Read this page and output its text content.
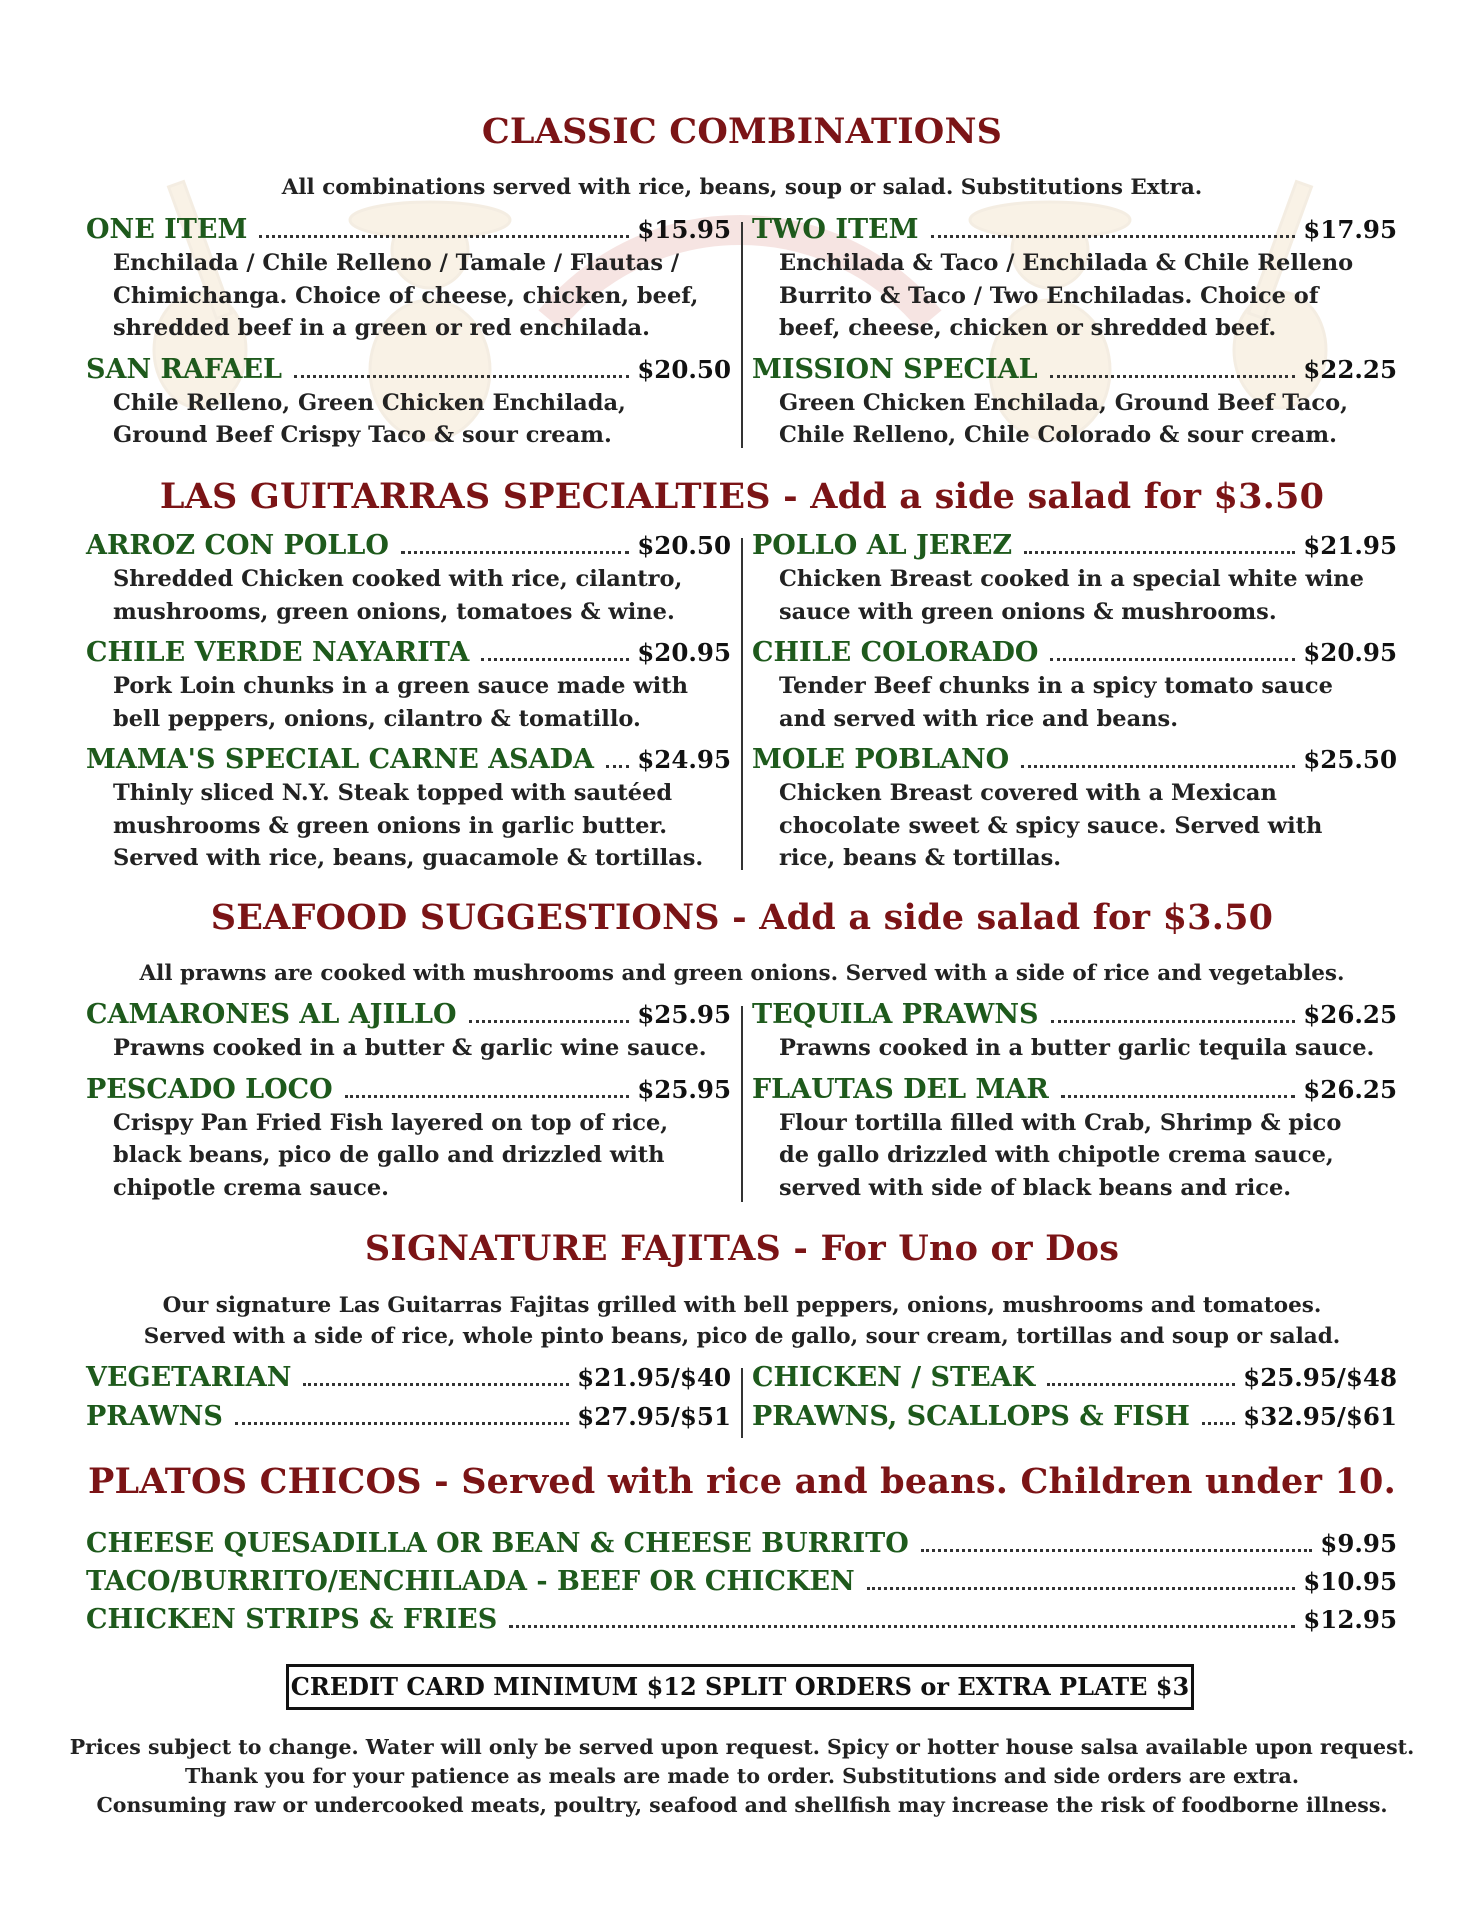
CLASSIC COMBINATIONS
All combinations served with rice, beans, soup or salad. Substitutions Extra.
ONE ITEM	$15.95
Enchilada / Chile Relleno / Tamale / Flautas /
Chimichanga. Choice of cheese, chicken, beef,
shredded beef in a green or red enchilada.
SAN RAFAEL	$20.50
Chile Relleno, Green Chicken Enchilada,
Ground Beef Crispy Taco & sour cream.
TWO ITEM	$17.95
Enchilada & Taco / Enchilada & Chile Relleno
Burrito & Taco / Two Enchiladas. Choice of
beef, cheese, chicken or shredded beef.
MISSION SPECIAL	$22.25
Green Chicken Enchilada, Ground Beef Taco,
Chile Relleno, Chile Colorado & sour cream.
LAS GUITARRAS SPECIALTIES - Add a side salad for $3.50
ARROZ CON POLLO	$20.50
Shredded Chicken cooked with rice, cilantro,
mushrooms, green onions, tomatoes & wine.
CHILE VERDE NAYARITA	$20.95
Pork Loin chunks in a green sauce made with
bell peppers, onions, cilantro & tomatillo.
MAMA'S SPECIAL CARNE ASADA $24.95
Thinly sliced N.Y. Steak topped with sautéed
mushrooms & green onions in garlic butter.
Served with rice, beans, guacamole & tortillas.
POLLO AL JEREZ	$21.95
Chicken Breast cooked in a special white wine
sauce with green onions & mushrooms.
CHILE COLORADO	$20.95
Tender Beef chunks in a spicy tomato sauce
and served with rice and beans.
MOLE POBLANO	$25.50
Chicken Breast covered with a Mexican
chocolate sweet & spicy sauce. Served with
rice, beans & tortillas.
SEAFOOD SUGGESTIONS - Add a side salad for $3.50
All prawns are cooked with mushrooms and green onions. Served with a side of rice and vegetables.
CAMARONES AL AJILLO	$25.95
Prawns cooked in a butter & garlic wine sauce.
PESCADO LOCO	$25.95
Crispy Pan Fried Fish layered on top of rice,
black beans, pico de gallo and drizzled with
chipotle crema sauce.
TEQUILA PRAWNS	$26.25
Prawns cooked in a butter garlic tequila sauce.
FLAUTAS DEL MAR	$26.25
Flour tortilla filled with Crab, Shrimp & pico
de gallo drizzled with chipotle crema sauce,
served with side of black beans and rice.
SIGNATURE FAJITAS - For Uno or Dos
Our signature Las Guitarras Fajitas grilled with bell peppers, onions, mushrooms and tomatoes.
Served with a side of rice, whole pinto beans, pico de gallo, sour cream, tortillas and soup or salad.
VEGETARIAN	$21.95/$40
PRAWNS	$27.95/$51
CHICKEN / STEAK	$25.95/$48
PRAWNS, SCALLOPS & FISH $32.95/$61
PLATOS CHICOS - Served with rice and beans. Children under 10.
CHEESE QUESADILLA OR BEAN & CHEESE BURRITO	$9.95
TACO/BURRITO/ENCHILADA - BEEF OR CHICKEN	$10.95
CHICKEN STRIPS & FRIES	$12.95
CREDIT CARD MINIMUM $12 SPLIT ORDERS or EXTRA PLATE $3
Prices subject to change. Water will only be served upon request. Spicy or hotter house salsa available upon request.
Thank you for your patience as meals are made to order. Substitutions and side orders are extra.
Consuming raw or undercooked meats, poultry, seafood and shellfish may increase the risk of foodborne illness.
